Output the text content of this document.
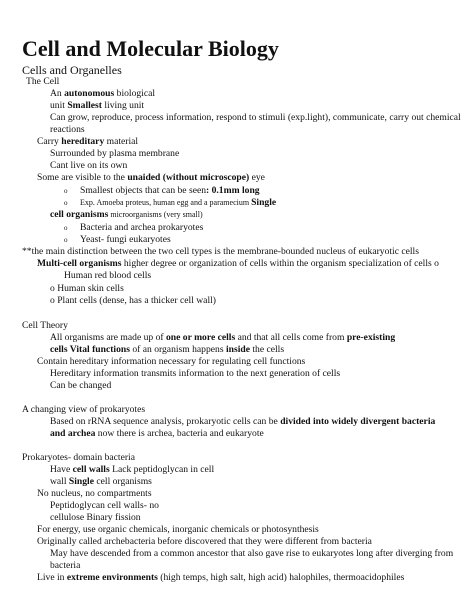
Cell and Molecular Biology
Cells and Organelles
The Cell
An autonomous biological
unit Smallest living unit
Can grow, reproduce, process information, respond to stimuli (exp.light), communicate, carry out chemical
reactions
Carry hereditary material
Surrounded by plasma membrane
Cant live on its own
Some are visible to the unaided (without microscope) eye
o Smallest objects that can be seen: 0.1mm long
o Exp. Amoeba proteus, human egg and a paramecium Single
cell organisms microorganisms (very small)
o Bacteria and archea prokaryotes
o Yeast- fungi eukaryotes
**the main distinction between the two cell types is the membrane-bounded nucleus of eukaryotic cells
Multi-cell organisms higher degree or organization of cells within the organism specialization of cells o
Human red blood cells
o Human skin cells
o Plant cells (dense, has a thicker cell wall)
Cell Theory
All organisms are made up of one or more cells and that all cells come from pre-existing
cells Vital functions of an organism happens inside the cells
Contain hereditary information necessary for regulating cell functions
Hereditary information transmits information to the next generation of cells
Can be changed
A changing view of prokaryotes
Based on rRNA sequence analysis, prokaryotic cells can be divided into widely divergent bacteria
and archea now there is archea, bacteria and eukaryote
Prokaryotes- domain bacteria
Have cell walls Lack peptidoglycan in cell
wall Single cell organisms
No nucleus, no compartments
Peptidoglycan cell walls- no
cellulose Binary fission
For energy, use organic chemicals, inorganic chemicals or photosynthesis
Originally called archebacteria before discovered that they were different from bacteria
May have descended from a common ancestor that also gave rise to eukaryotes long after diverging from
bacteria
Live in extreme environments (high temps, high salt, high acid) halophiles, thermoacidophiles
